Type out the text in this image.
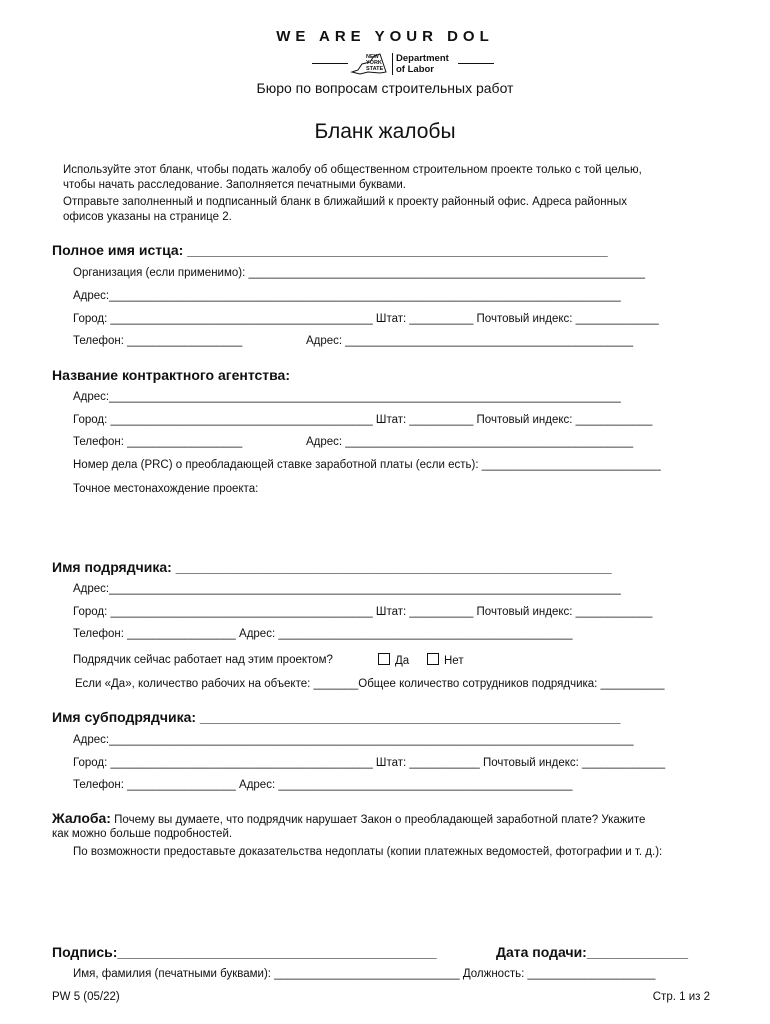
WE ARE YOUR DOL
NEW
YORK
STATE
Department
of Labor
Бюро по вопросам строительных работ
Бланк жалобы
Используйте этот бланк, чтобы подать жалобу об общественном строительном проекте только с той целью,
чтобы начать расследование. Заполняется печатными буквами.
Отправьте заполненный и подписанный бланк в ближайший к проекту районный офис. Адреса районных
офисов указаны на странице 2.
Полное имя истца: ______________________________________________________
Организация (если применимо): ______________________________________________________________
Адрес:________________________________________________________________________________
Город: _________________________________________ Штат: __________ Почтовый индекс: _____________
Телефон: __________________	Адрес: _____________________________________________
Название контрактного агентства:
Адрес:________________________________________________________________________________
Город: _________________________________________ Штат: __________ Почтовый индекс: ____________
Телефон: __________________	Адрес: _____________________________________________
Номер дела (PRC) о преобладающей ставке заработной платы (если есть): ____________________________
Точное местонахождение проекта:
Имя подрядчика: ________________________________________________________
Адрес:________________________________________________________________________________
Город: _________________________________________ Штат: __________ Почтовый индекс: ____________
Телефон: _________________ Адрес: ______________________________________________
Подрядчик сейчас работает над этим проектом?	Да	Нет
Если «Да», количество рабочих на объекте: _______Общее количество сотрудников подрядчика: __________
Имя субподрядчика: ______________________________________________________
Адрес:__________________________________________________________________________________
Город: _________________________________________ Штат: ___________ Почтовый индекс: _____________
Телефон: _________________ Адрес: ______________________________________________
Жалоба: Почему вы думаете, что подрядчик нарушает Закон о преобладающей заработной плате? Укажите
как можно больше подробностей.
По возможности предоставьте доказательства недоплаты (копии платежных ведомостей, фотографии и т. д.):
Подпись:_________________________________________	Дата подачи:_____________
Имя, фамилия (печатными буквами): _____________________________ Должность: ____________________
PW 5 (05/22)	Стр. 1 из 2
